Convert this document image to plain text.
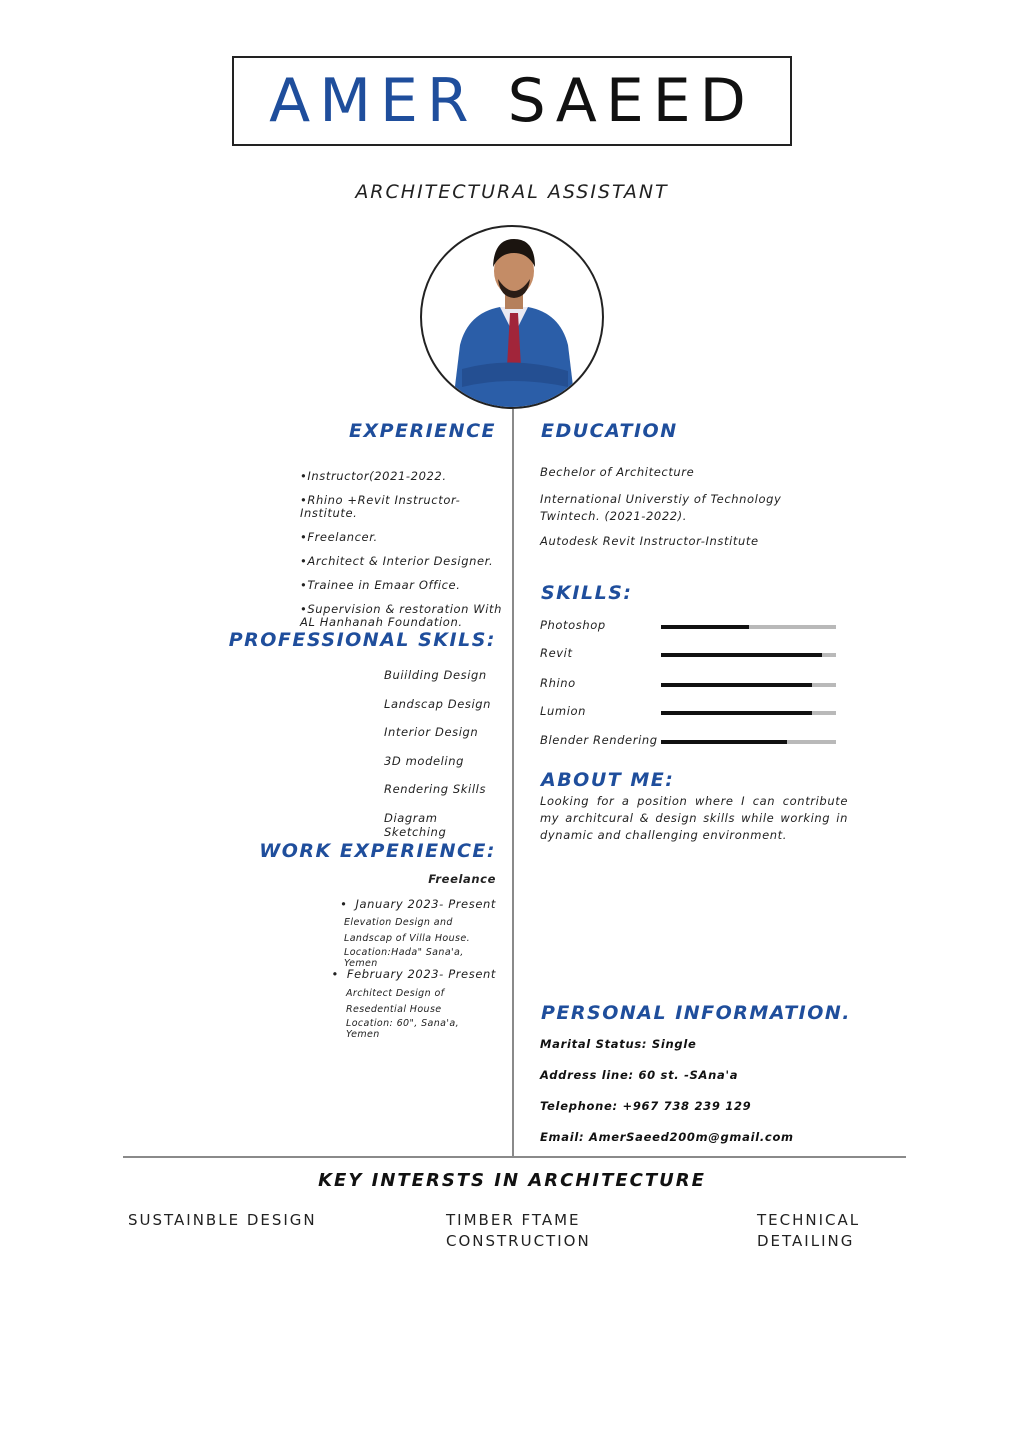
AMER SAEED
ARCHITECTURAL ASSISTANT
EXPERIENCE
•Instructor(2021-2022.
•Rhino +Revit Instructor-Institute.
•Freelancer.
•Architect & Interior Designer.
•Trainee in Emaar Office.
•Supervision & restoration With AL Hanhanah Foundation.
EDUCATION
Bechelor of Architecture
International Universtiy of Technology Twintech. (2021-2022).
Autodesk Revit Instructor-Institute
SKILLS:
Photoshop
Revit
Rhino
Lumion
Blender Rendering
PROFESSIONAL SKILS:
Buiilding Design
Landscap Design
Interior Design
3D modeling
Rendering Skills
Diagram Sketching
ABOUT ME:
Looking for a position where I can contribute my architcural & design skills while working in dynamic and challenging environment.
WORK EXPERIENCE:
Freelance
• January 2023- Present
Elevation Design and Landscap of Villa House.
Location:Hada" Sana'a, Yemen
• February 2023- Present
Architect Design of Resedential House
Location: 60", Sana'a, Yemen
PERSONAL INFORMATION.
Marital Status: Single
Address line: 60 st. -SAna'a
Telephone: +967 738 239 129
Email: AmerSaeed200m@gmail.com
KEY INTERSTS IN ARCHITECTURE
SUSTAINBLE DESIGN	TIMBER FTAME
CONSTRUCTION
TECHNICAL
DETAILING
